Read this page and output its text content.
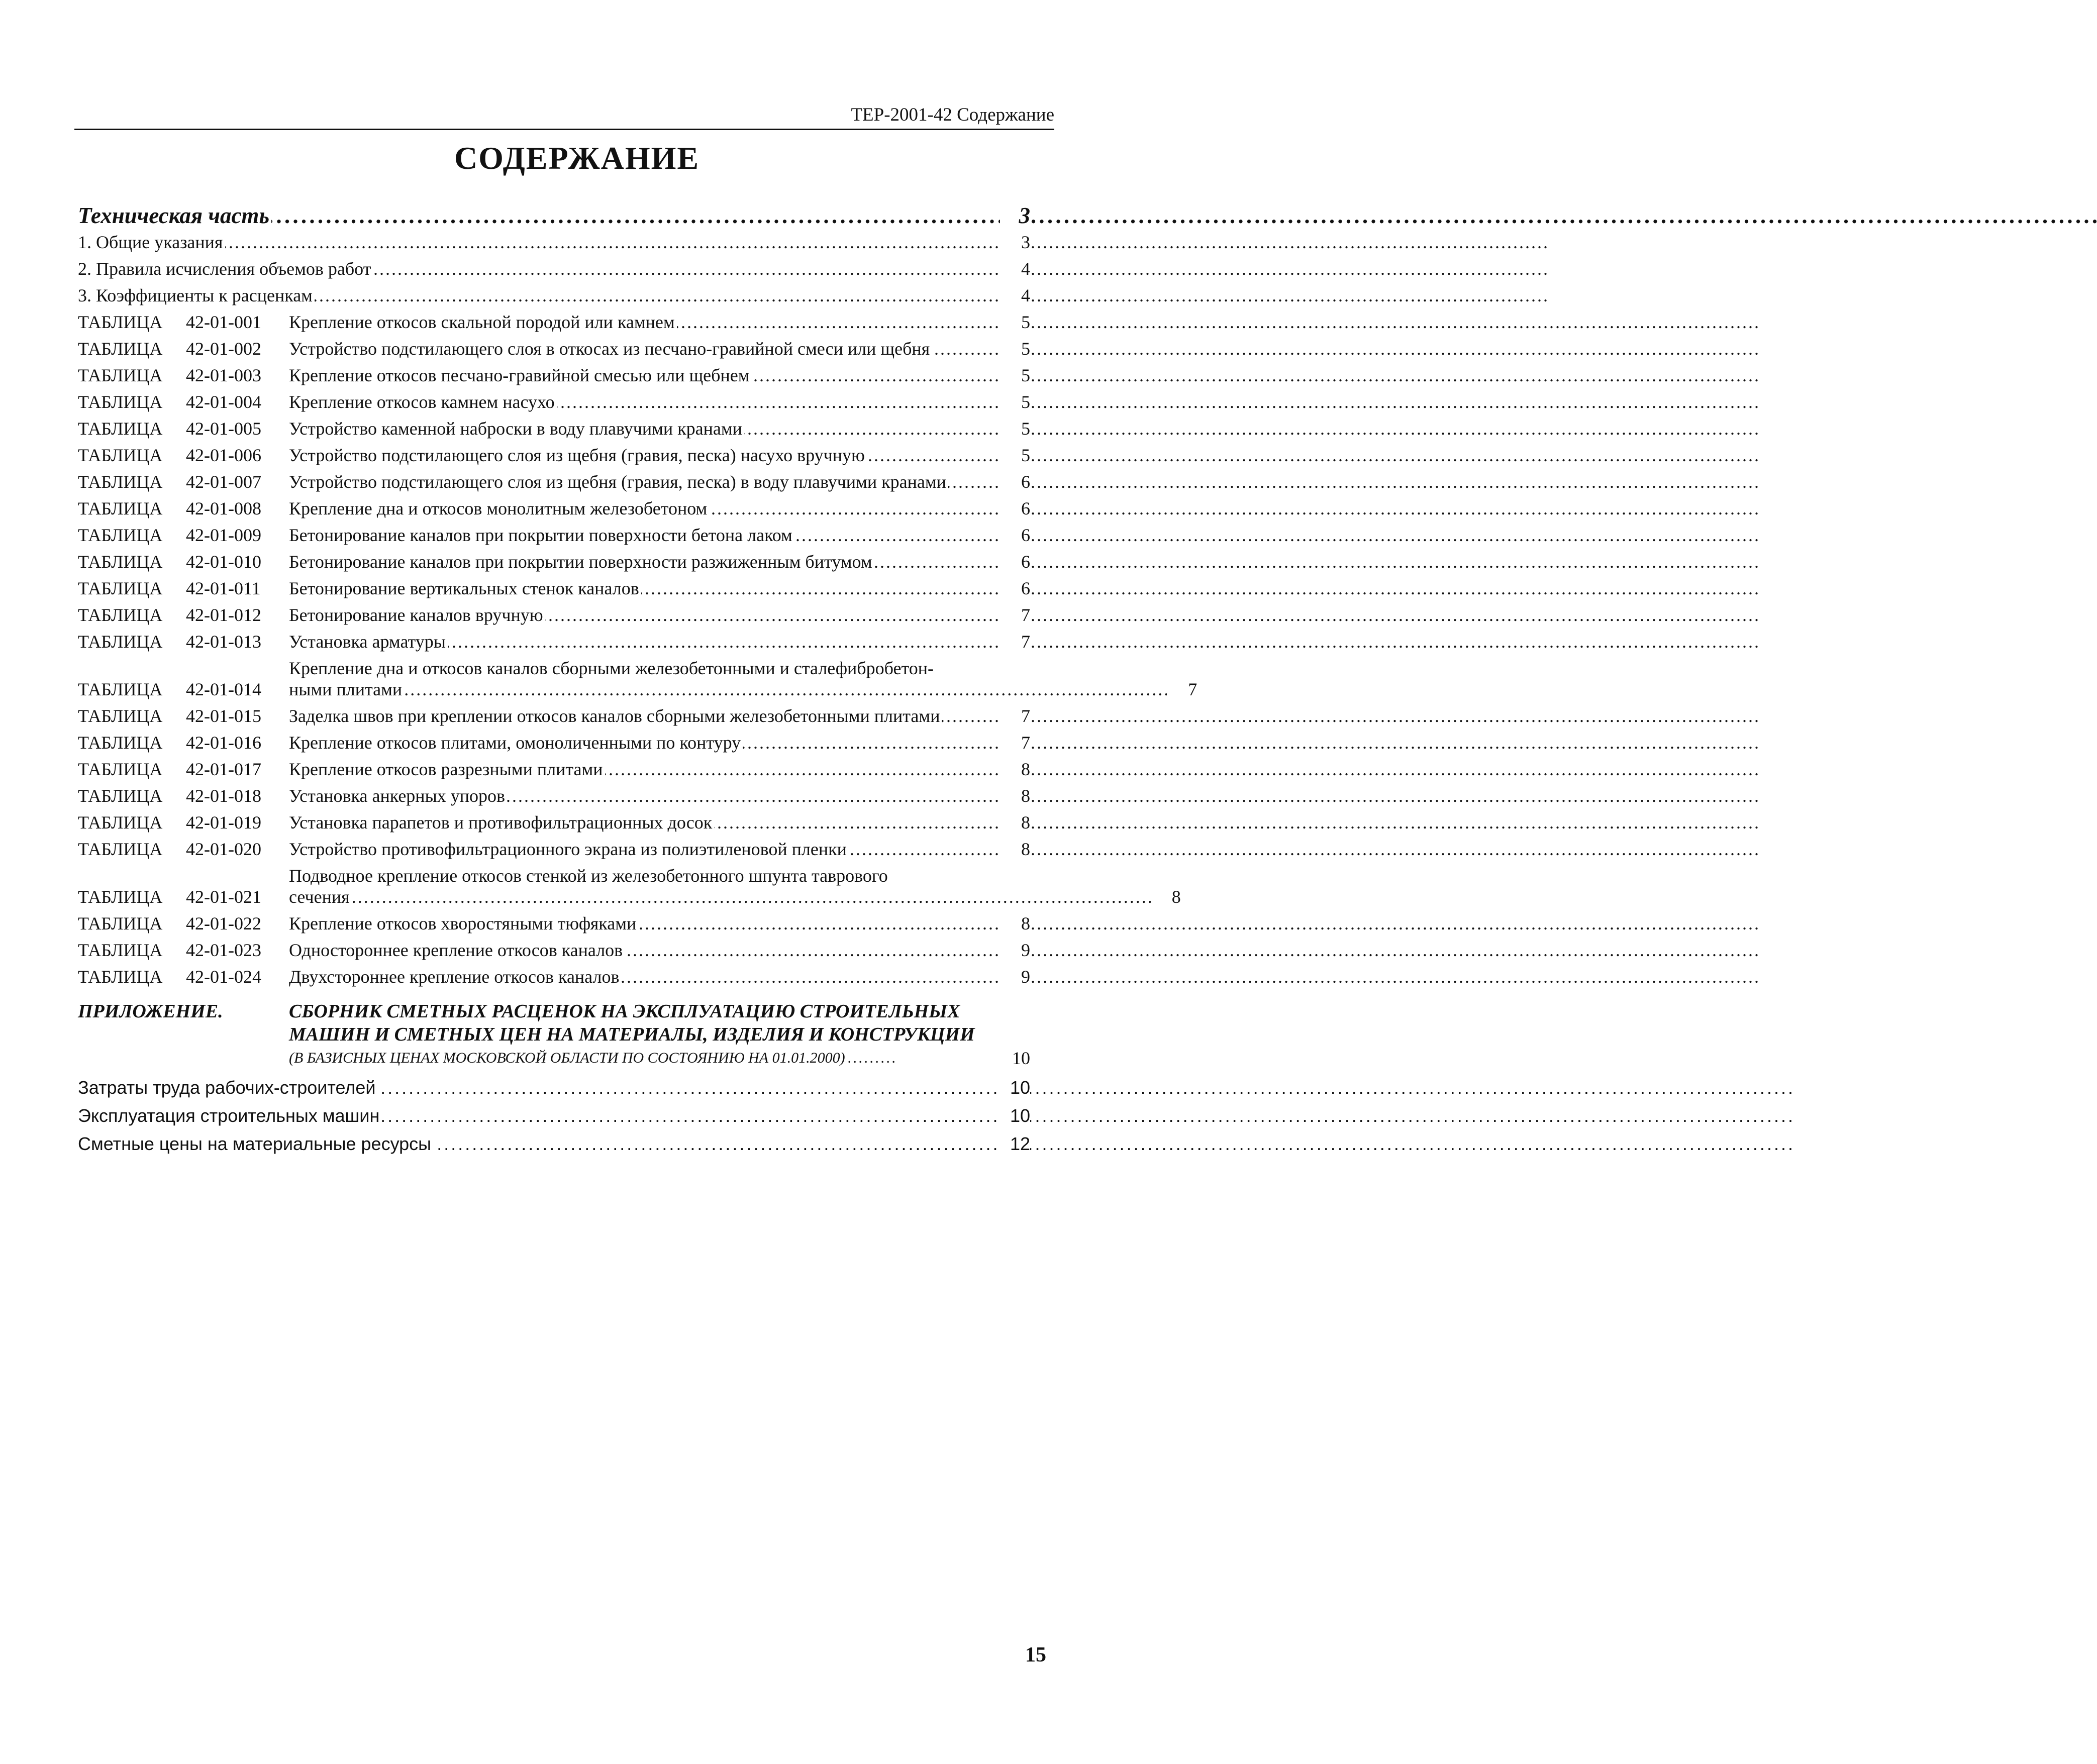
ТЕР-2001-42 Содержание
СОДЕРЖАНИЕ
Техническая часть . . .	3
1. Общие указания . . .	3
2. Правила исчисления объемов работ . . .	4
3. Коэффициенты к расценкам . . .	4
ТАБЛИЦА 42-01-001	Крепление откосов скальной породой или камнем . . .	5
ТАБЛИЦА 42-01-002	Устройство подстилающего слоя в откосах из песчано-гравийной смеси или щебня . . .	5
ТАБЛИЦА 42-01-003	Крепление откосов песчано-гравийной смесью или щебнем . . .	5
ТАБЛИЦА 42-01-004	Крепление откосов камнем насухо . . .	5
ТАБЛИЦА 42-01-005	Устройство каменной наброски в воду плавучими кранами . . .	5
ТАБЛИЦА 42-01-006	Устройство подстилающего слоя из щебня (гравия, песка) насухо вручную . . .	5
ТАБЛИЦА 42-01-007	Устройство подстилающего слоя из щебня (гравия, песка) в воду плавучими кранами . . .	6
ТАБЛИЦА 42-01-008	Крепление дна и откосов монолитным железобетоном . . .	6
ТАБЛИЦА 42-01-009	Бетонирование каналов при покрытии поверхности бетона лаком . . .	6
ТАБЛИЦА 42-01-010	Бетонирование каналов при покрытии поверхности разжиженным битумом . . .	6
ТАБЛИЦА 42-01-011	Бетонирование вертикальных стенок каналов . . .	6
ТАБЛИЦА 42-01-012	Бетонирование каналов вручную . . .	7
ТАБЛИЦА 42-01-013	Установка арматуры . . .	7
ТАБЛИЦА 42-01-014
Крепление дна и откосов каналов сборными железобетонными и сталефибробетон-
ными плитами . . . . . . . . . . . . . . . . . . . . . . . . . . . . . . . . . . . . . . . . . . . . . . . . . . . . . . . . . . . . . . . . . . . . . . . . . . . . . . . . . . . . . . . . . . . . . . . . . . . . . . . . . . . . . . . . . . . . . . . . . . . . . . .	7
ТАБЛИЦА 42-01-015	Заделка швов при креплении откосов каналов сборными железобетонными плитами . . .	7
ТАБЛИЦА 42-01-016	Крепление откосов плитами, омоноличенными по контуру . . .	7
ТАБЛИЦА 42-01-017	Крепление откосов разрезными плитами . . .	8
ТАБЛИЦА 42-01-018	Установка анкерных упоров . . .	8
ТАБЛИЦА 42-01-019	Установка парапетов и противофильтрационных досок . . .	8
ТАБЛИЦА 42-01-020	Устройство противофильтрационного экрана из полиэтиленовой пленки . . .	8
ТАБЛИЦА 42-01-021
Подводное крепление откосов стенкой из железобетонного шпунта таврового
сечения . . . . . . . . . . . . . . . . . . . . . . . . . . . . . . . . . . . . . . . . . . . . . . . . . . . . . . . . . . . . . . . . . . . . . . . . . . . . . . . . . . . . . . . . . . . . . . . . . . . . . . . . . . . . . . . . . . . . . . . . . . . . . . . . . . . . .	8
ТАБЛИЦА 42-01-022	Крепление откосов хворостяными тюфяками . . .	8
ТАБЛИЦА 42-01-023	Одностороннее крепление откосов каналов . . .	9
ТАБЛИЦА 42-01-024	Двухстороннее крепление откосов каналов . . .	9
ПРИЛОЖЕНИЕ.	СБОРНИК СМЕТНЫХ РАСЦЕНОК НА ЭКСПЛУАТАЦИЮ СТРОИТЕЛЬНЫХ
МАШИН И СМЕТНЫХ ЦЕН НА МАТЕРИАЛЫ, ИЗДЕЛИЯ И КОНСТРУКЦИИ
(В БАЗИСНЫХ ЦЕНАХ МОСКОВСКОЙ ОБЛАСТИ ПО СОСТОЯНИЮ НА 01.01.2000) . . . . . . . . .	10
Затраты труда рабочих-строителей . . .	10
Эксплуатация строительных машин . . .	10
Сметные цены на материальные ресурсы . . .	12
15
